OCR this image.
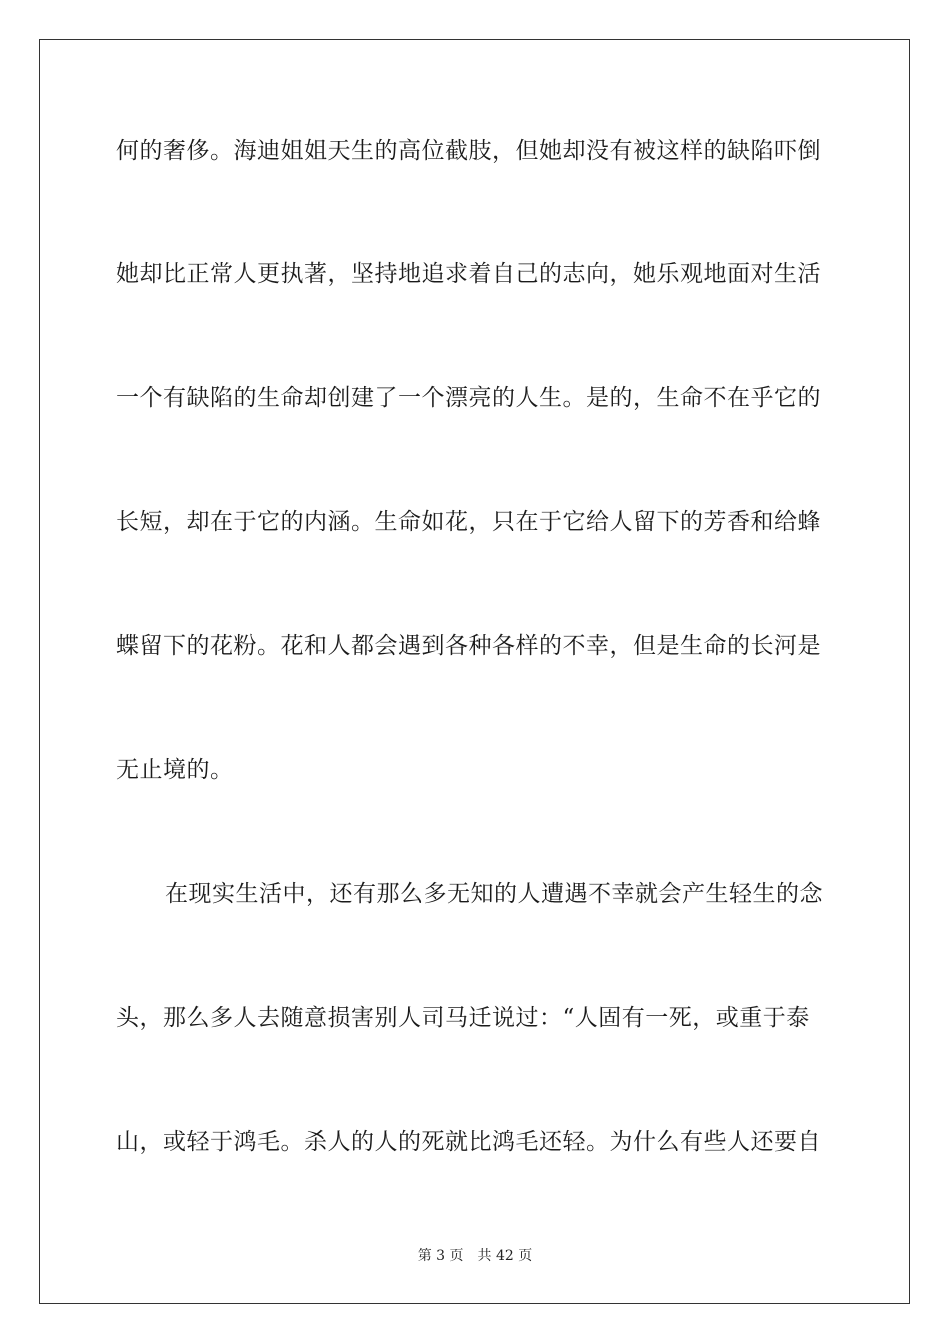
何的奢侈。海迪姐姐天生的高位截肢，但她却没有被这样的缺陷吓倒
她却比正常人更执著，坚持地追求着自己的志向，她乐观地面对生活
一个有缺陷的生命却创建了一个漂亮的人生。是的，生命不在乎它的
长短，却在于它的内涵。生命如花，只在于它给人留下的芳香和给蜂
蝶留下的花粉。花和人都会遇到各种各样的不幸，但是生命的长河是
无止境的。
在现实生活中，还有那么多无知的人遭遇不幸就会产生轻生的念
头，那么多人去随意损害别人司马迁说过：“人固有一死，或重于泰
山，或轻于鸿毛。杀人的人的死就比鸿毛还轻。为什么有些人还要自
第 3 页 共 42 页
